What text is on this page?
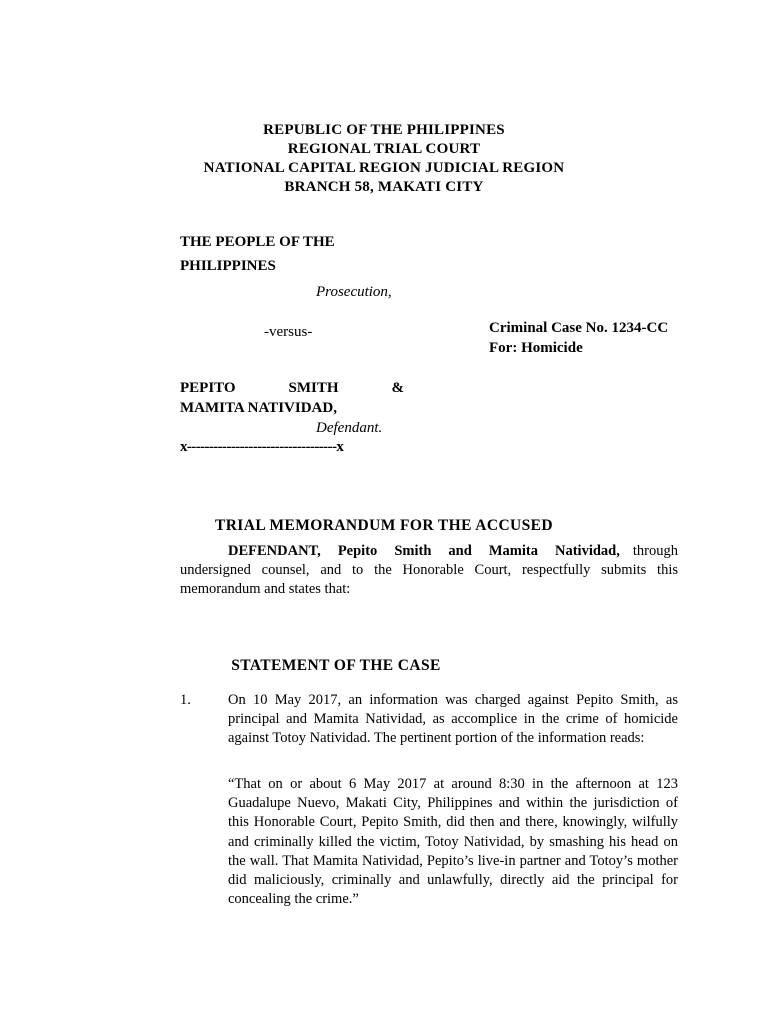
REPUBLIC OF THE PHILIPPINES

REGIONAL TRIAL COURT

NATIONAL CAPITAL REGION JUDICIAL REGION

BRANCH 58, MAKATI CITY

THE PEOPLE OF THE

PHILIPPINES

Prosecution,

-versus-	Criminal Case No. 1234-CC

For: Homicide

PEPITO	SMITH	&

MAMITA NATIVIDAD,

Defendant.

x----------------------------------x

TRIAL MEMORANDUM FOR THE ACCUSED

DEFENDANT, Pepito Smith and Mamita Natividad, through undersigned counsel, and to the Honorable Court, respectfully submits this memorandum and states that:

STATEMENT OF THE CASE

1.	On 10 May 2017, an information was charged against Pepito Smith, as principal and Mamita Natividad, as accomplice in the crime of homicide against Totoy Natividad. The pertinent portion of the information reads:

“That on or about 6 May 2017 at around 8:30 in the afternoon at 123 Guadalupe Nuevo, Makati City, Philippines and within the jurisdiction of this Honorable Court, Pepito Smith, did then and there, knowingly, wilfully and criminally killed the victim, Totoy Natividad, by smashing his head on the wall. That Mamita Natividad, Pepito’s live-in partner and Totoy’s mother did maliciously, criminally and unlawfully, directly aid the principal for concealing the crime.”
